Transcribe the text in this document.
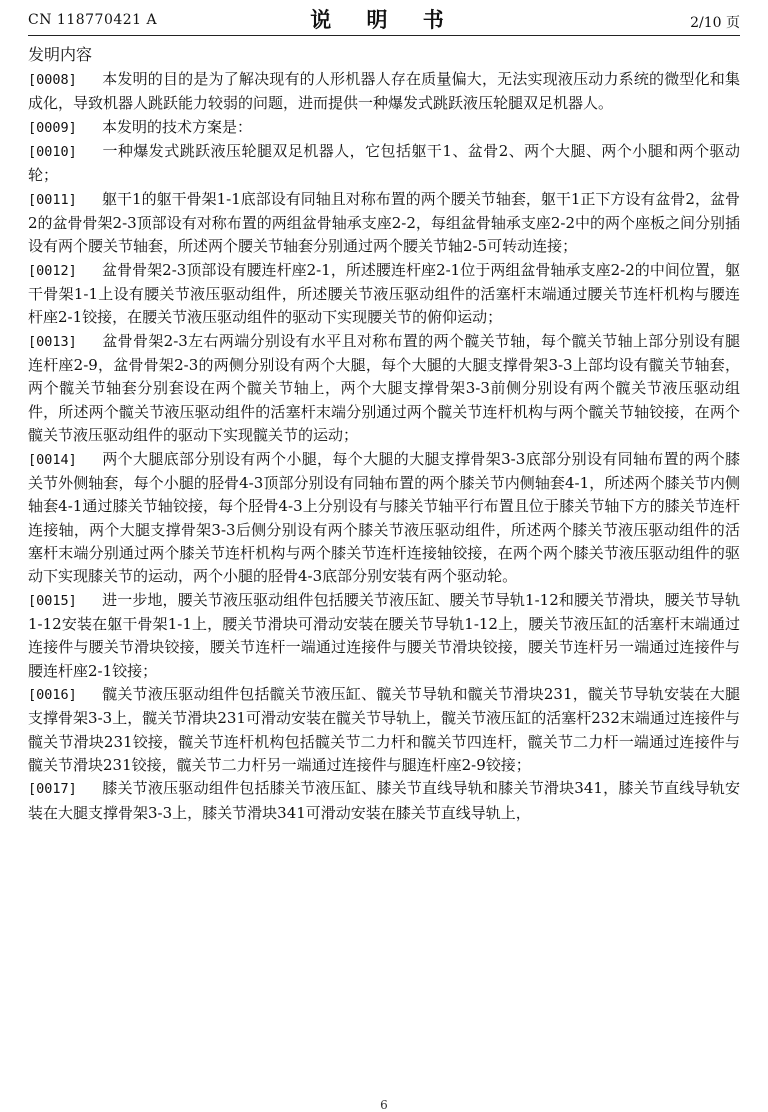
CN 118770421 A	说 明 书	2/10 页
发明内容

[0008] 本发明的目的是为了解决现有的人形机器人存在质量偏大，无法实现液压动力系统的微型化和集成化，导致机器人跳跃能力较弱的问题，进而提供一种爆发式跳跃液压轮腿双足机器人。

[0009] 本发明的技术方案是：

[0010] 一种爆发式跳跃液压轮腿双足机器人，它包括躯干1、盆骨2、两个大腿、两个小腿和两个驱动轮；

[0011] 躯干1的躯干骨架1-1底部设有同轴且对称布置的两个腰关节轴套，躯干1正下方设有盆骨2，盆骨2的盆骨骨架2-3顶部设有对称布置的两组盆骨轴承支座2-2，每组盆骨轴承支座2-2中的两个座板之间分别插设有两个腰关节轴套，所述两个腰关节轴套分别通过两个腰关节轴2-5可转动连接；

[0012] 盆骨骨架2-3顶部设有腰连杆座2-1，所述腰连杆座2-1位于两组盆骨轴承支座2-2的中间位置，躯干骨架1-1上设有腰关节液压驱动组件，所述腰关节液压驱动组件的活塞杆末端通过腰关节连杆机构与腰连杆座2-1铰接，在腰关节液压驱动组件的驱动下实现腰关节的俯仰运动；

[0013] 盆骨骨架2-3左右两端分别设有水平且对称布置的两个髋关节轴，每个髋关节轴上部分别设有腿连杆座2-9，盆骨骨架2-3的两侧分别设有两个大腿，每个大腿的大腿支撑骨架3-3上部均设有髋关节轴套，两个髋关节轴套分别套设在两个髋关节轴上，两个大腿支撑骨架3-3前侧分别设有两个髋关节液压驱动组件，所述两个髋关节液压驱动组件的活塞杆末端分别通过两个髋关节连杆机构与两个髋关节轴铰接，在两个髋关节液压驱动组件的驱动下实现髋关节的运动；

[0014] 两个大腿底部分别设有两个小腿，每个大腿的大腿支撑骨架3-3底部分别设有同轴布置的两个膝关节外侧轴套，每个小腿的胫骨4-3顶部分别设有同轴布置的两个膝关节内侧轴套4-1，所述两个膝关节内侧轴套4-1通过膝关节轴铰接，每个胫骨4-3上分别设有与膝关节轴平行布置且位于膝关节轴下方的膝关节连杆连接轴，两个大腿支撑骨架3-3后侧分别设有两个膝关节液压驱动组件，所述两个膝关节液压驱动组件的活塞杆末端分别通过两个膝关节连杆机构与两个膝关节连杆连接轴铰接，在两个两个膝关节液压驱动组件的驱动下实现膝关节的运动，两个小腿的胫骨4-3底部分别安装有两个驱动轮。

[0015] 进一步地，腰关节液压驱动组件包括腰关节液压缸、腰关节导轨1-12和腰关节滑块，腰关节导轨1-12安装在躯干骨架1-1上，腰关节滑块可滑动安装在腰关节导轨1-12上，腰关节液压缸的活塞杆末端通过连接件与腰关节滑块铰接，腰关节连杆一端通过连接件与腰关节滑块铰接，腰关节连杆另一端通过连接件与腰连杆座2-1铰接；

[0016] 髋关节液压驱动组件包括髋关节液压缸、髋关节导轨和髋关节滑块231，髋关节导轨安装在大腿支撑骨架3-3上，髋关节滑块231可滑动安装在髋关节导轨上，髋关节液压缸的活塞杆232末端通过连接件与髋关节滑块231铰接，髋关节连杆机构包括髋关节二力杆和髋关节四连杆，髋关节二力杆一端通过连接件与髋关节滑块231铰接，髋关节二力杆另一端通过连接件与腿连杆座2-9铰接；

[0017] 膝关节液压驱动组件包括膝关节液压缸、膝关节直线导轨和膝关节滑块341，膝关节直线导轨安装在大腿支撑骨架3-3上，膝关节滑块341可滑动安装在膝关节直线导轨上，

6
